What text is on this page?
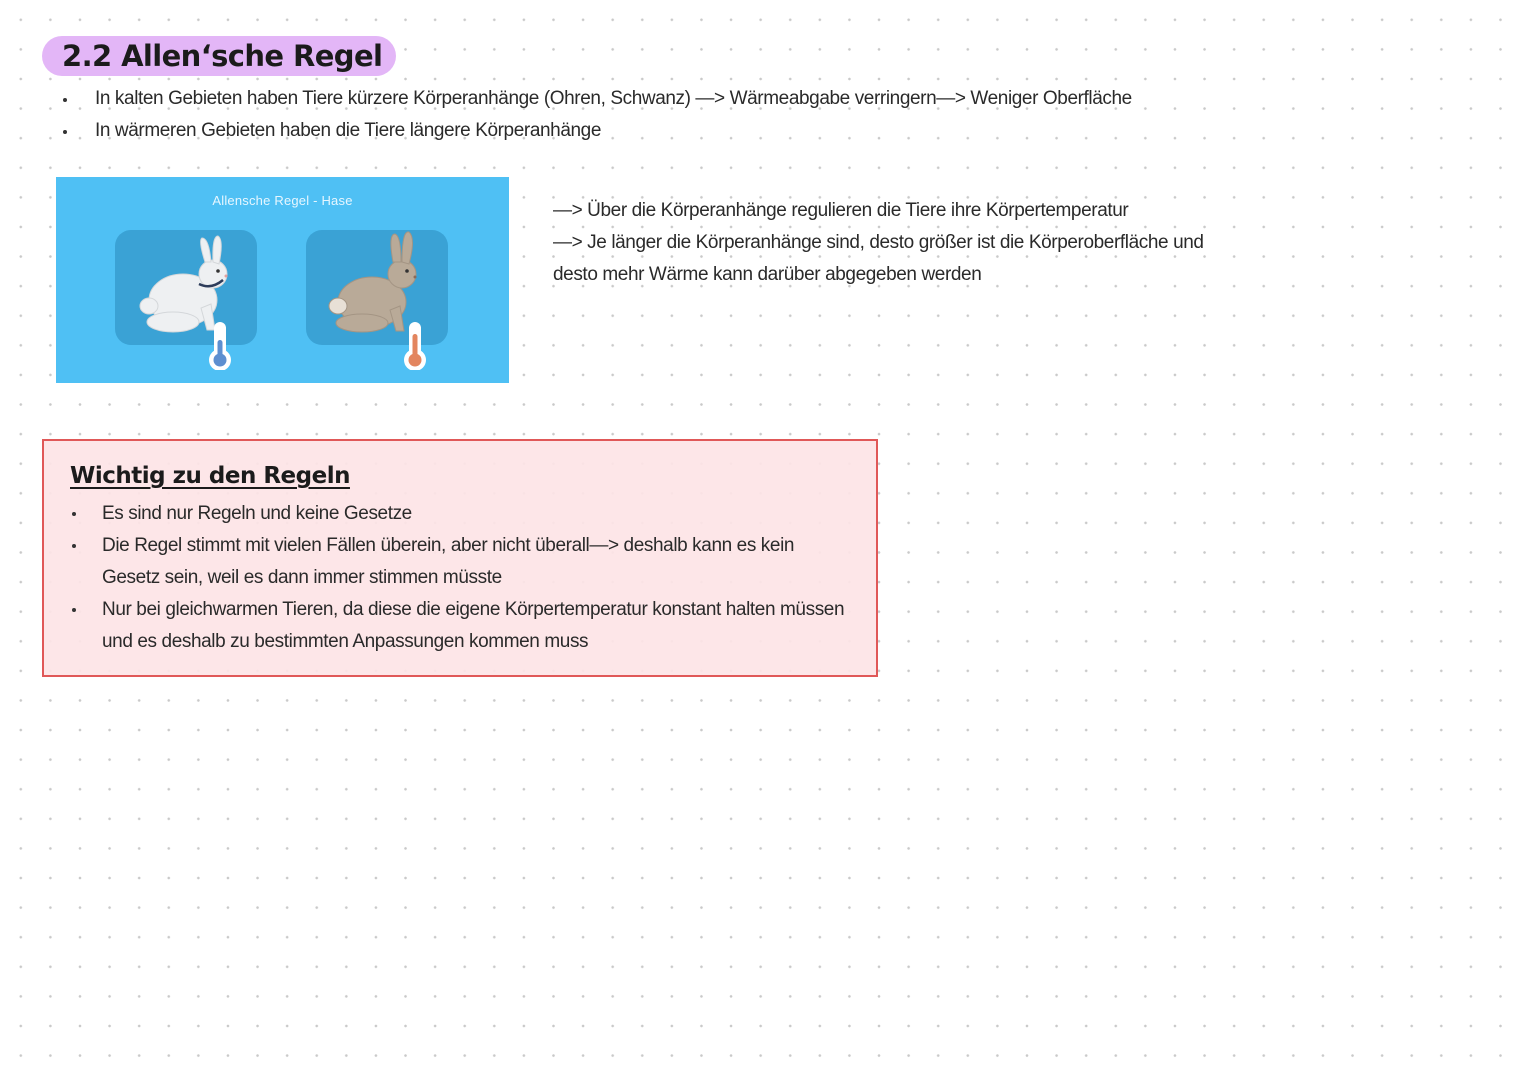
2.2 Allen‘sche Regel
In kalten Gebieten haben Tiere kürzere Körperanhänge (Ohren, Schwanz) —> Wärmeabgabe verringern—> Weniger Oberfläche
In wärmeren Gebieten haben die Tiere längere Körperanhänge
Allensche Regel - Hase	—> Über die Körperanhänge regulieren die Tiere ihre Körpertemperatur

—> Je länger die Körperanhänge sind, desto größer ist die Körperoberfläche und desto mehr Wärme kann darüber abgegeben werden

Wichtig zu den Regeln
Es sind nur Regeln und keine Gesetze
Die Regel stimmt mit vielen Fällen überein, aber nicht überall—> deshalb kann es kein Gesetz sein, weil es dann immer stimmen müsste
Nur bei gleichwarmen Tieren, da diese die eigene Körpertemperatur konstant halten müssen und es deshalb zu bestimmten Anpassungen kommen muss
